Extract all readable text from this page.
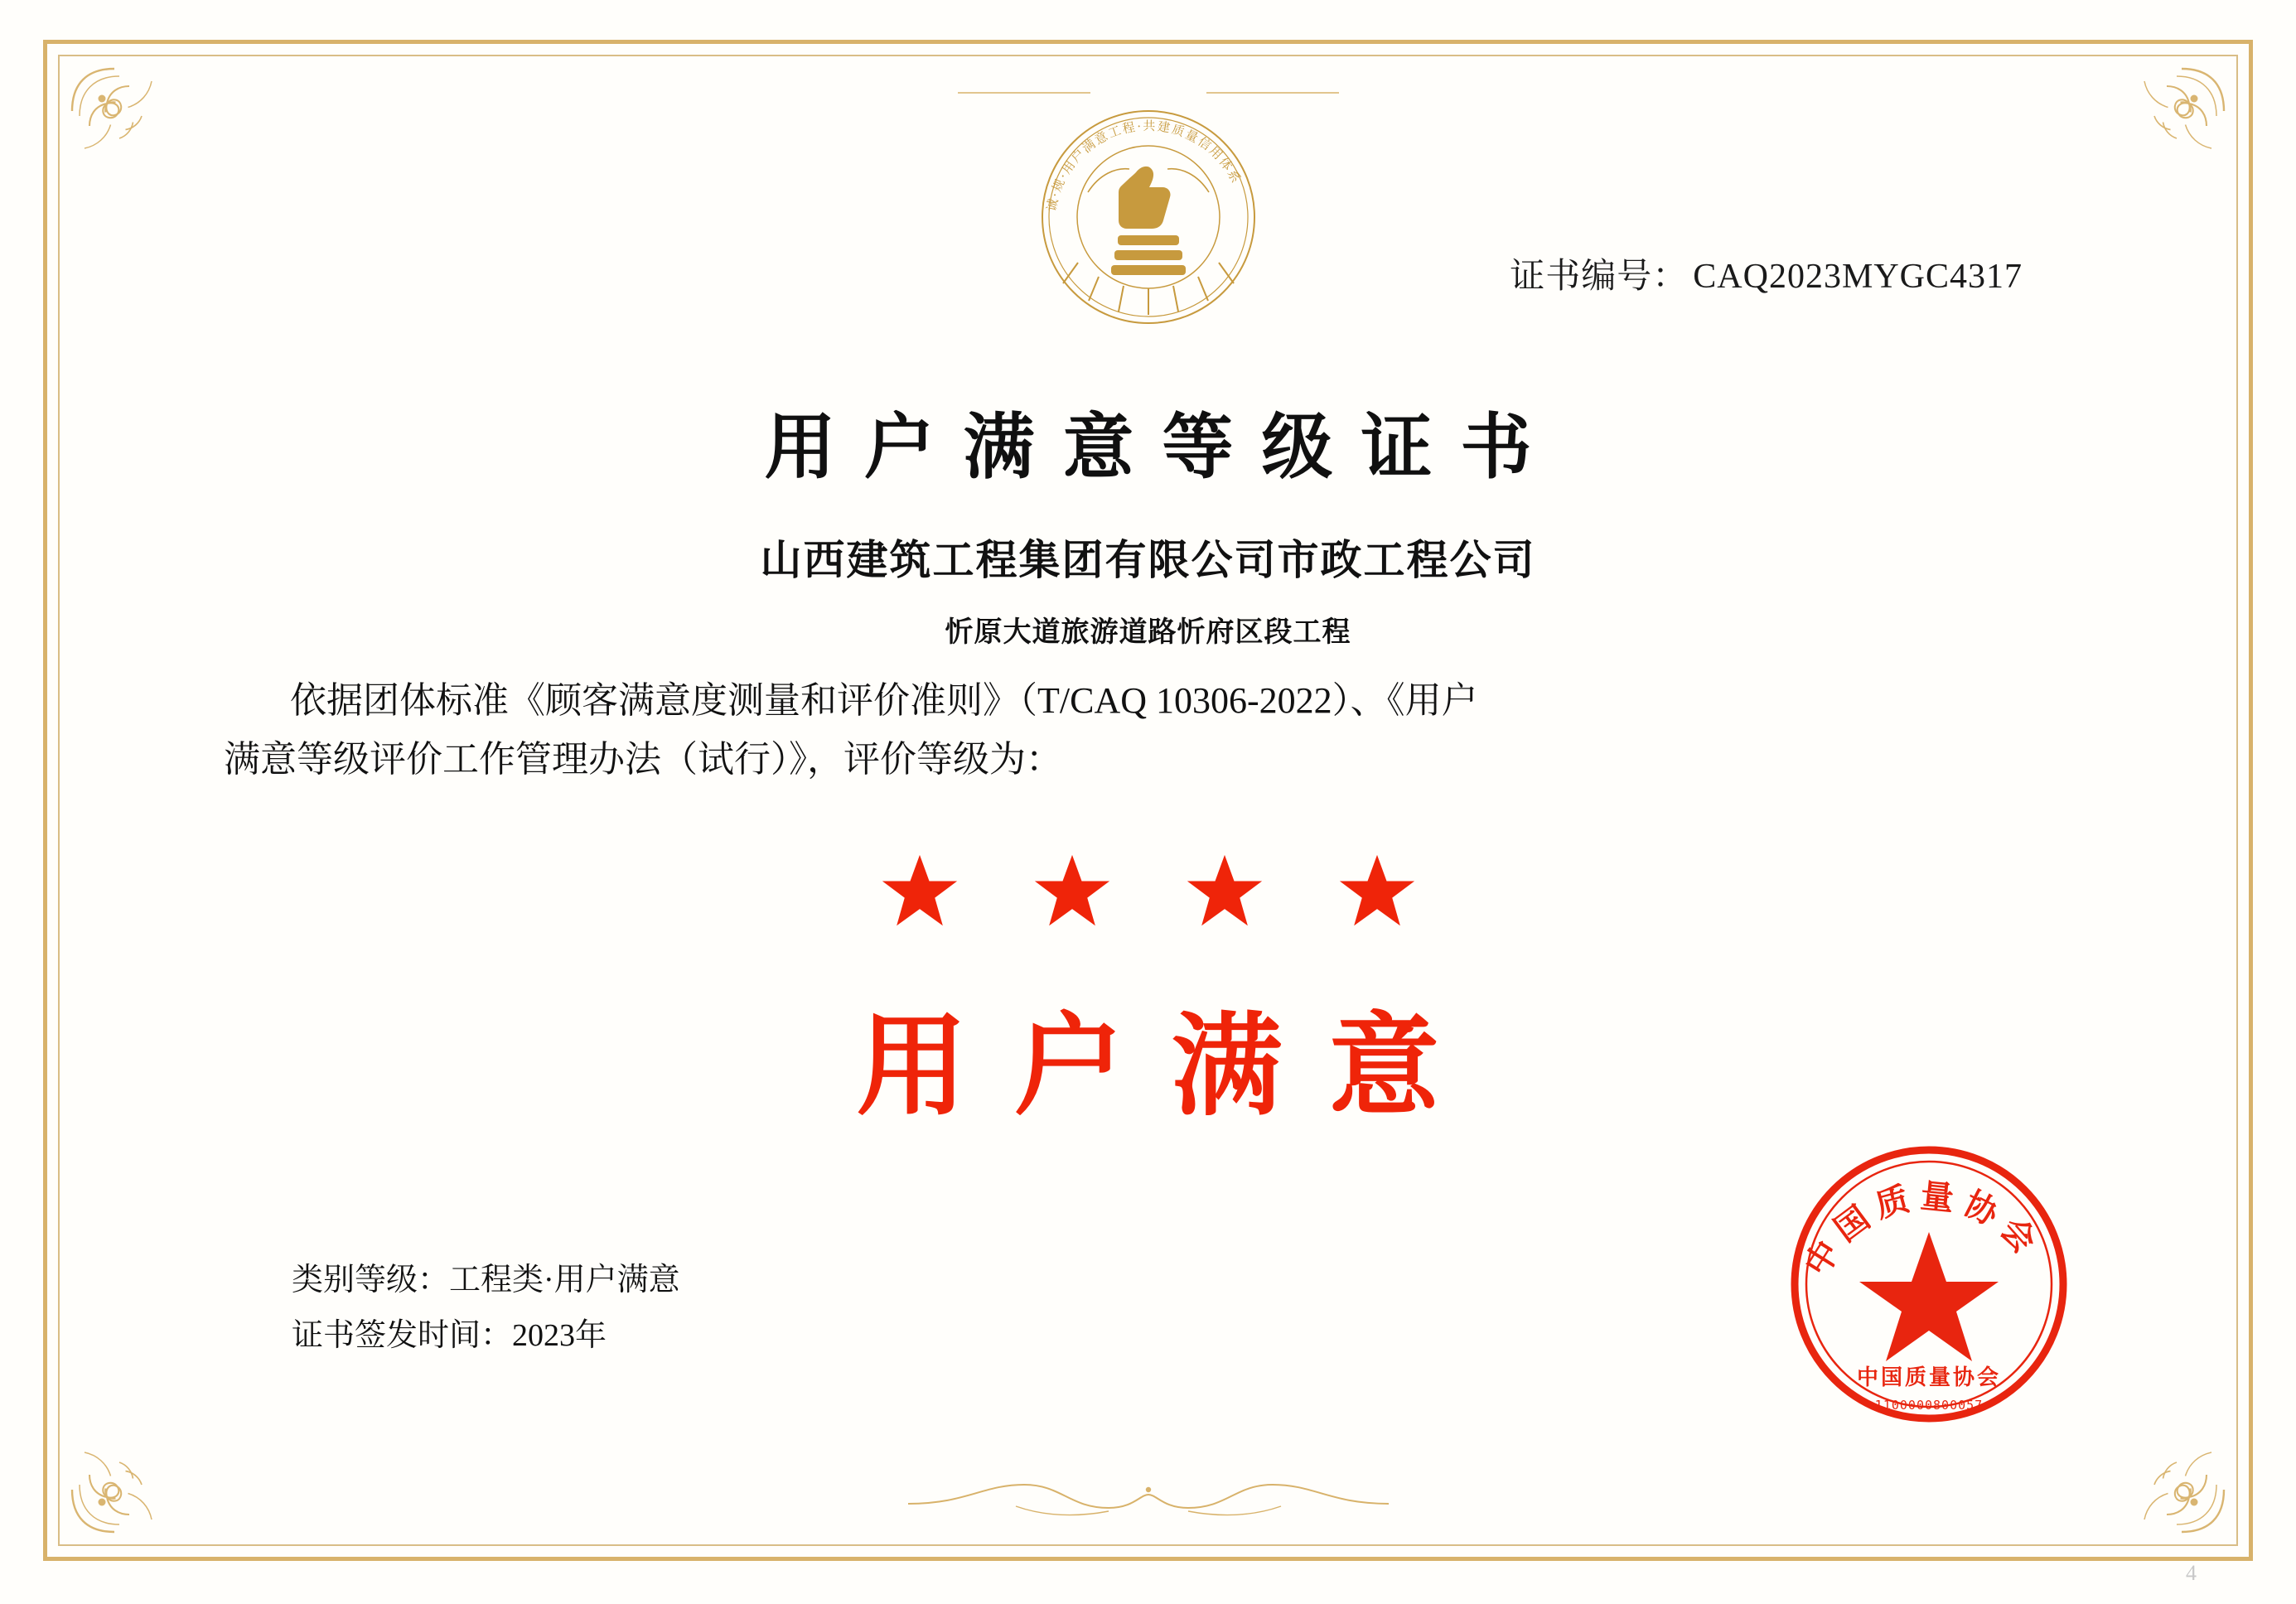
诚·规·用户满意工程·共建质量信用体系
证书编号： CAQ2023MYGC4317
用户满意等级证书
山西建筑工程集团有限公司市政工程公司
忻原大道旅游道路忻府区段工程
依据团体标准《顾客满意度测量和评价准则》（T/CAQ 10306-2022）、《用户
满意等级评价工作管理办法（试行）》，评价等级为：
用户满意
类别等级：工程类·用户满意
证书签发时间：2023年
中国质量协会
中国质量协会
1100000800057
4
